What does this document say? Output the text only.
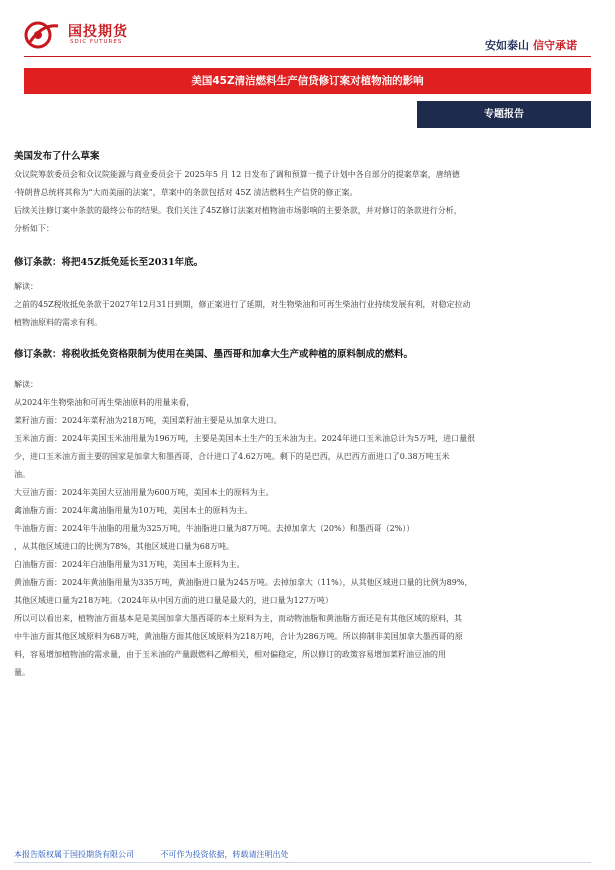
国投期货
SDIC FUTURES	安如泰山 信守承诺
美国45Z清洁燃料生产信贷修订案对植物油的影响
专题报告

美国发布了什么草案

众议院筹款委员会和众议院能源与商业委员会于 2025年5 月 12 日发布了调和预算一揽子计划中各自部分的提案草案，唐纳德

·特朗普总统将其称为“大而美丽的法案”，草案中的条款包括对 45Z 清洁燃料生产信贷的修正案。

后续关注修订案中条款的最终公布的结果。我们关注了45Z修订法案对植物油市场影响的主要条款，并对修订的条款进行分析，

分析如下：

修订条款：将把45Z抵免延长至2031年底。

解读：

之前的45Z税收抵免条款于2027年12月31日到期，修正案进行了延期，对生物柴油和可再生柴油行业持续发展有利，对稳定拉动

植物油原料的需求有利。

修订条款：将税收抵免资格限制为使用在美国、墨西哥和加拿大生产或种植的原料制成的燃料。

解读：

从2024年生物柴油和可再生柴油原料的用量来看，

菜籽油方面：2024年菜籽油为218万吨，美国菜籽油主要是从加拿大进口。

玉米油方面：2024年美国玉米油用量为196万吨，主要是美国本土生产的玉米油为主。2024年进口玉米油总计为5万吨，进口量很

少，进口玉米油方面主要的国家是加拿大和墨西哥，合计进口了4.62万吨。剩下的是巴西，从巴西方面进口了0.38万吨玉米

油。

大豆油方面：2024年美国大豆油用量为600万吨，美国本土的原料为主。

禽油脂方面：2024年禽油脂用量为10万吨，美国本土的原料为主。

牛油脂方面：2024年牛油脂的用量为325万吨，牛油脂进口量为87万吨。去掉加拿大（20%）和墨西哥（2%））

，从其他区域进口的比例为78%，其他区域进口量为68万吨。

白油脂方面：2024年白油脂用量为31万吨，美国本土原料为主。

黄油脂方面：2024年黄油脂用量为335万吨，黄油脂进口量为245万吨。去掉加拿大（11%），从其他区域进口量的比例为89%，

其他区域进口量为218万吨。（2024年从中国方面的进口量是最大的，进口量为127万吨）

所以可以看出来，植物油方面基本是是美国加拿大墨西哥的本土原料为主，而动物油脂和黄油脂方面还是有其他区域的原料，其

中牛油方面其他区域原料为68万吨，黄油脂方面其他区域原料为218万吨，合计为286万吨。所以抑制非美国加拿大墨西哥的原

料，容易增加植物油的需求量，由于玉米油的产量跟燃料乙醇相关，相对偏稳定，所以修订的政策容易增加菜籽油豆油的用

量。

本报告版权属于国投期货有限公司	不可作为投资依据，转载请注明出处
